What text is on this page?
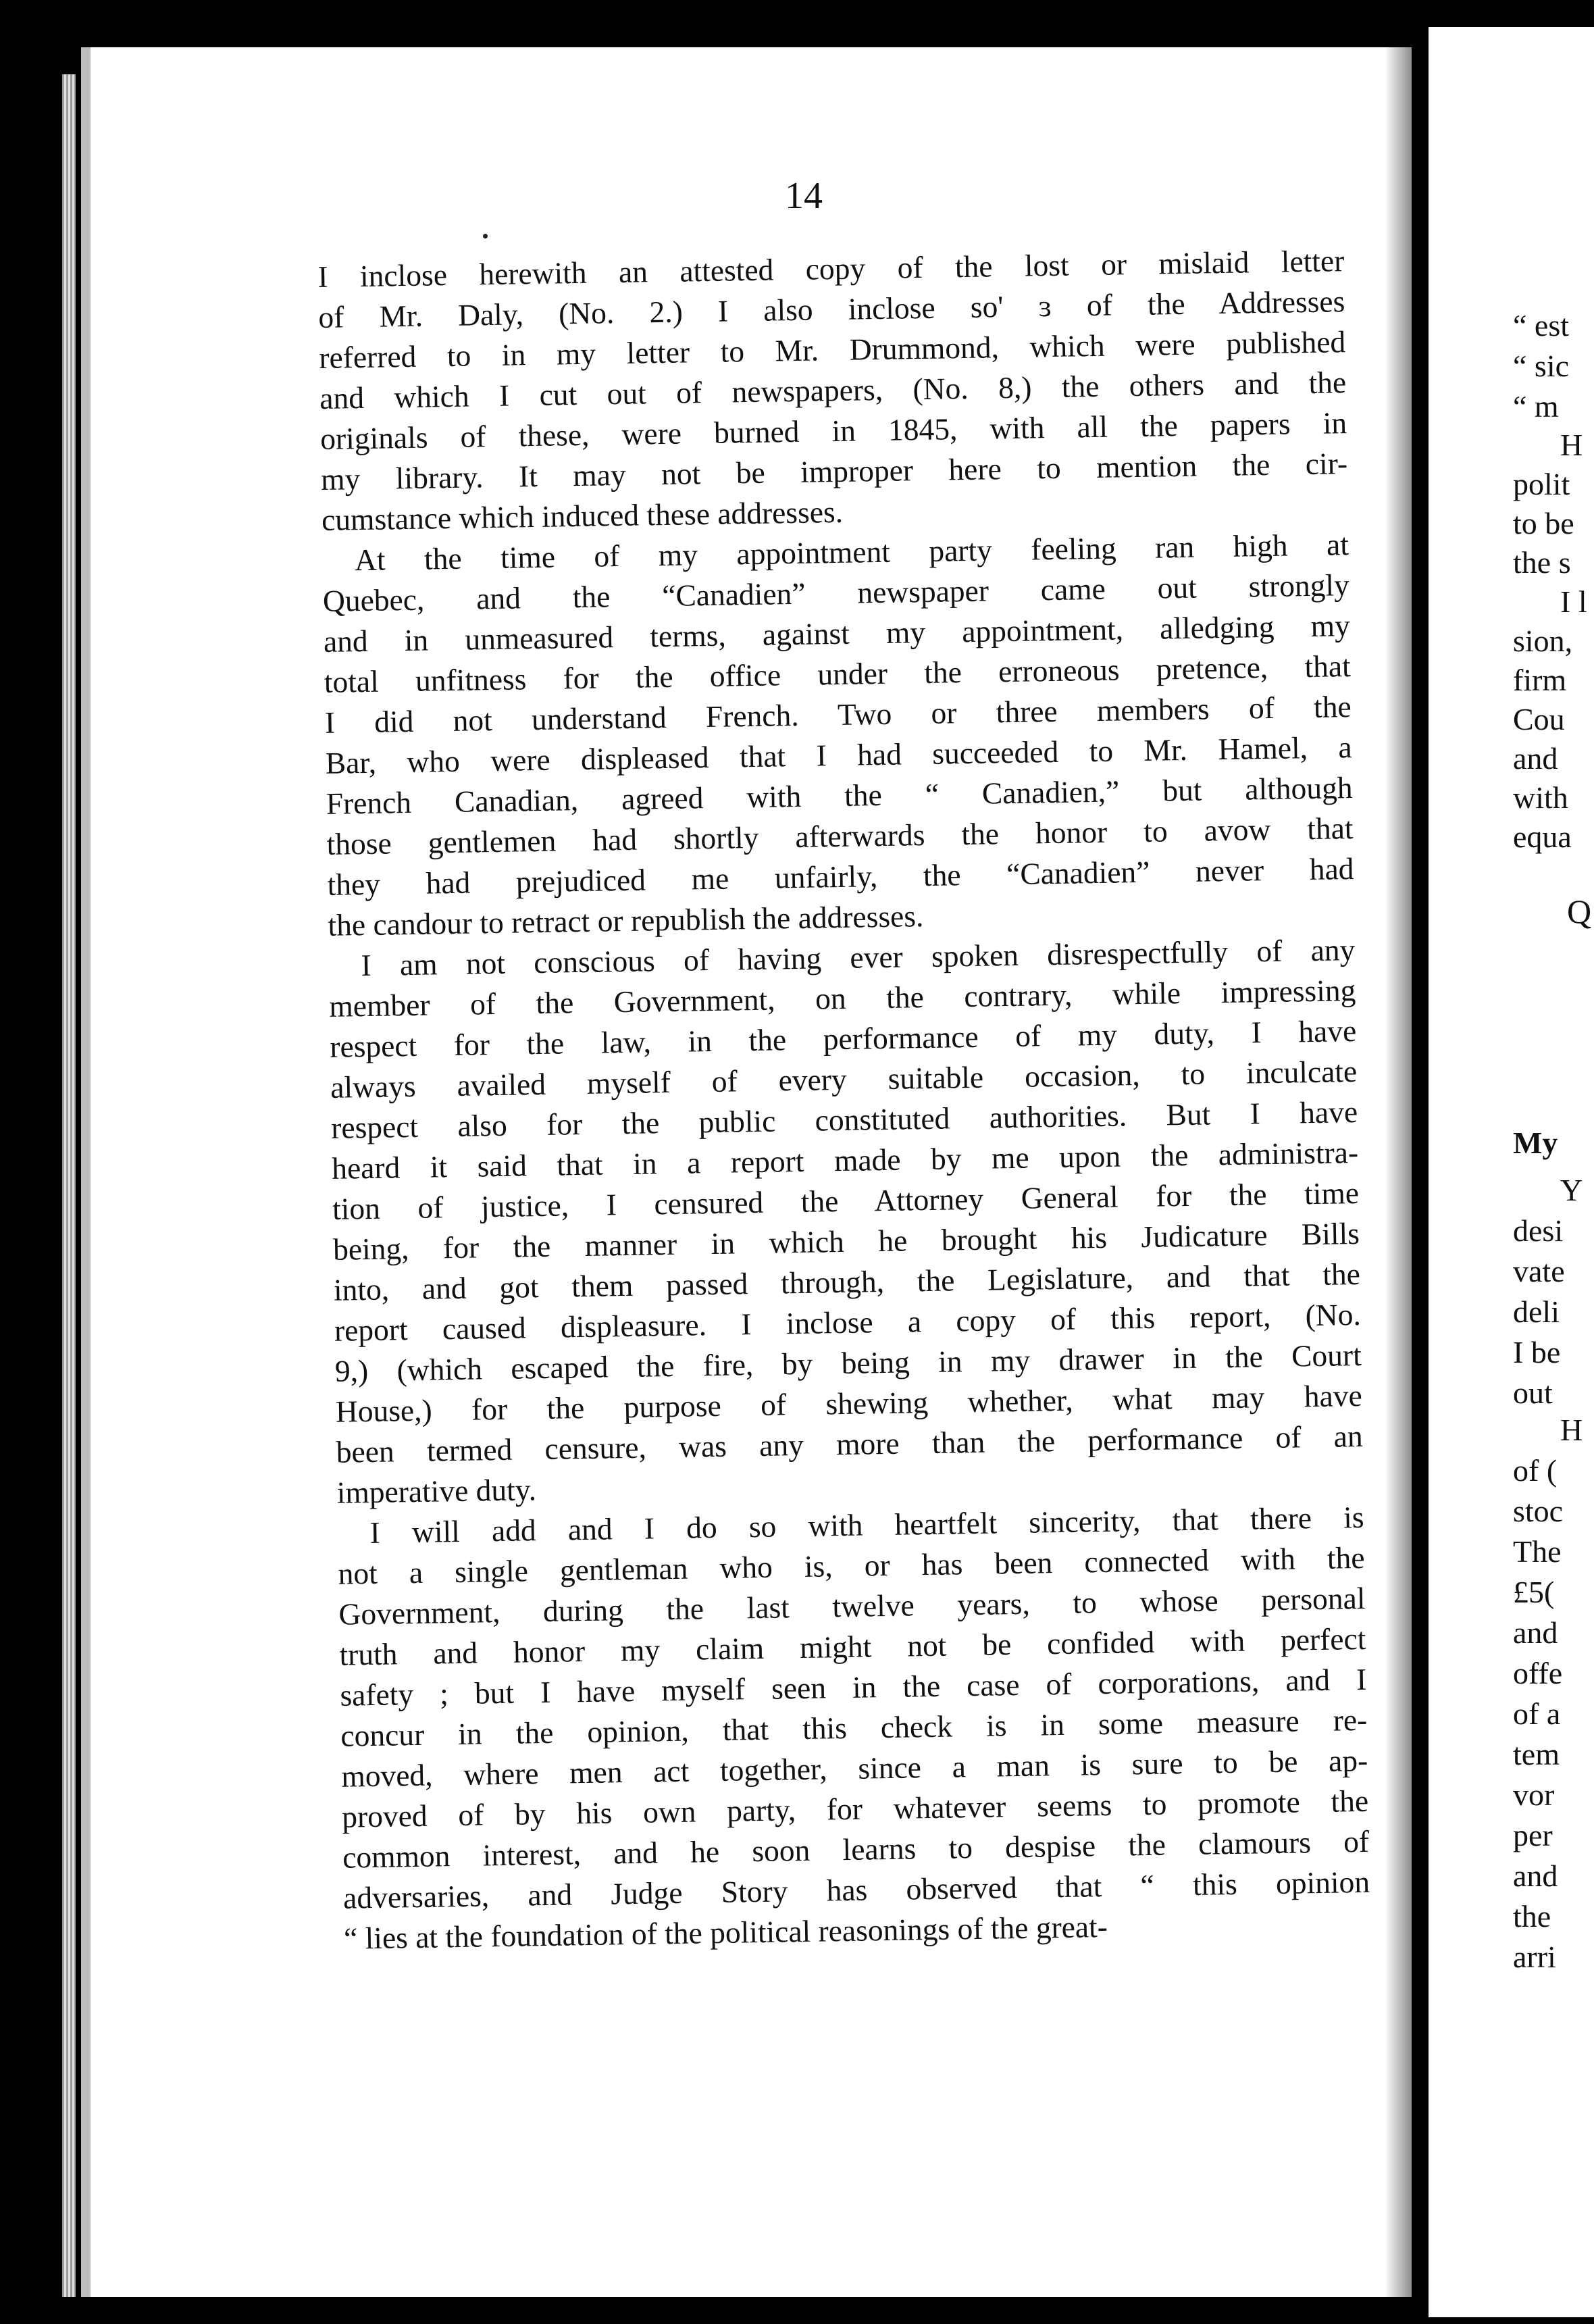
14
I inclose herewith an attested copy of the lost or mislaid letter
of Mr. Daly, (No. 2.) I also inclose so' ɜ of the Addresses
referred to in my letter to Mr. Drummond, which were published
and which I cut out of newspapers, (No. 8,) the others and the
originals of these, were burned in 1845, with all the papers in
my library. It may not be improper here to mention the cir-
cumstance which induced these addresses.
At the time of my appointment party feeling ran high at
Quebec, and the “Canadien” newspaper came out strongly
and in unmeasured terms, against my appointment, alledging my
total unfitness for the office under the erroneous pretence, that
I did not understand French. Two or three members of the
Bar, who were displeased that I had succeeded to Mr. Hamel, a
French Canadian, agreed with the “ Canadien,” but although
those gentlemen had shortly afterwards the honor to avow that
they had prejudiced me unfairly, the “Canadien” never had
the candour to retract or republish the addresses.
I am not conscious of having ever spoken disrespectfully of any
member of the Government, on the contrary, while impressing
respect for the law, in the performance of my duty, I have
always availed myself of every suitable occasion, to inculcate
respect also for the public constituted authorities. But I have
heard it said that in a report made by me upon the administra-
tion of justice, I censured the Attorney General for the time
being, for the manner in which he brought his Judicature Bills
into, and got them passed through, the Legislature, and that the
report caused displeasure. I inclose a copy of this report, (No.
9,) (which escaped the fire, by being in my drawer in the Court
House,) for the purpose of shewing whether, what may have
been termed censure, was any more than the performance of an
imperative duty.
I will add and I do so with heartfelt sincerity, that there is
not a single gentleman who is, or has been connected with the
Government, during the last twelve years, to whose personal
truth and honor my claim might not be confided with perfect
safety ; but I have myself seen in the case of corporations, and I
concur in the opinion, that this check is in some measure re-
moved, where men act together, since a man is sure to be ap-
proved of by his own party, for whatever seems to promote the
common interest, and he soon learns to despise the clamours of
adversaries, and Judge Story has observed that “ this opinion
“ lies at the foundation of the political reasonings of the great-
“ est
“ sic
“ m
H
polit
to be
the s
I l
sion,
firm
Cou
and
with
equa
Q
My
Y
desi
vate
deli
I be
out
H
of (
stoc
The
£5(
and
offe
of a
tem
vor
per
and
the
arri
